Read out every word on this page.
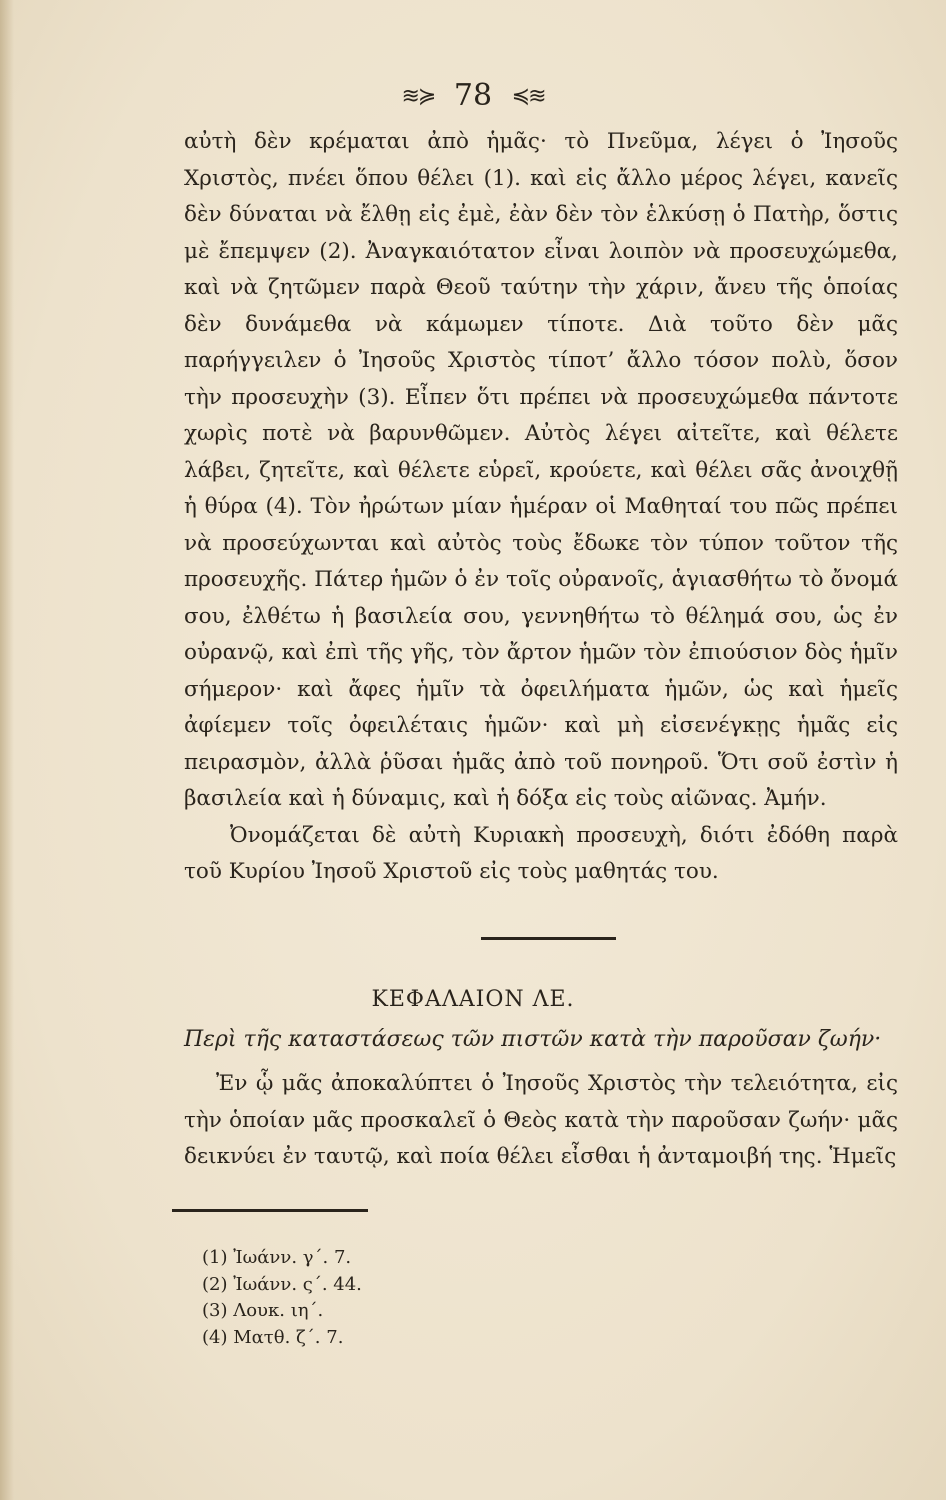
≋≽ 78 ≼≋

αὐτὴ δὲν κρέμαται ἀπὸ ἡμᾶς· τὸ Πνεῦμα, λέγει ὁ Ἰησοῦς Χριστὸς, πνέει ὅπου θέλει (1). καὶ εἰς ἄλλο μέρος λέγει, κανεῖς δὲν δύναται νὰ ἔλθῃ εἰς ἐμὲ, ἐὰν δὲν τὸν ἑλκύσῃ ὁ Πατὴρ, ὅστις μὲ ἔπεμψεν (2). Ἀναγκαιότατον εἶναι λοιπὸν νὰ προσευχώμεθα, καὶ νὰ ζητῶμεν παρὰ Θεοῦ ταύτην τὴν χάριν, ἄνευ τῆς ὁποίας δὲν δυνάμεθα νὰ κάμωμεν τίποτε. Διὰ τοῦτο δὲν μᾶς παρήγγειλεν ὁ Ἰησοῦς Χριστὸς τίποτ’ ἄλλο τόσον πολὺ, ὅσον τὴν προσευχὴν (3). Εἶπεν ὅτι πρέπει νὰ προσευχώμεθα πάντοτε χωρὶς ποτὲ νὰ βαρυνθῶμεν. Αὐτὸς λέγει αἰτεῖτε, καὶ θέλετε λάβει, ζητεῖτε, καὶ θέλετε εὑρεῖ, κρούετε, καὶ θέλει σᾶς ἀνοιχθῇ ἡ θύρα (4). Τὸν ἠρώτων μίαν ἡμέραν οἱ Μαθηταί του πῶς πρέπει νὰ προσεύχωνται καὶ αὐτὸς τοὺς ἔδωκε τὸν τύπον τοῦτον τῆς προσευχῆς. Πάτερ ἡμῶν ὁ ἐν τοῖς οὐρανοῖς, ἁγιασθήτω τὸ ὄνομά σου, ἐλθέτω ἡ βασιλεία σου, γεννηθήτω τὸ θέλημά σου, ὡς ἐν οὐρανῷ, καὶ ἐπὶ τῆς γῆς, τὸν ἄρτον ἡμῶν τὸν ἐπιούσιον δὸς ἡμῖν σήμερον· καὶ ἄφες ἡμῖν τὰ ὀφειλήματα ἡμῶν, ὡς καὶ ἡμεῖς ἀφίεμεν τοῖς ὀφειλέταις ἡμῶν· καὶ μὴ εἰσενέγκῃς ἡμᾶς εἰς πειρασμὸν, ἀλλὰ ῥῦσαι ἡμᾶς ἀπὸ τοῦ πονηροῦ. Ὅτι σοῦ ἐστὶν ἡ βασιλεία καὶ ἡ δύναμις, καὶ ἡ δόξα εἰς τοὺς αἰῶνας. Ἀμήν.

Ὀνομάζεται δὲ αὐτὴ Κυριακὴ προσευχὴ, διότι ἐδόθη παρὰ τοῦ Κυρίου Ἰησοῦ Χριστοῦ εἰς τοὺς μαθητάς του.

ΚΕΦΑΛΑΙΟΝ ΛΕ.
Περὶ τῆς καταστάσεως τῶν πιστῶν κατὰ τὴν παροῦσαν ζωήν·
Ἐν ᾧ μᾶς ἀποκαλύπτει ὁ Ἰησοῦς Χριστὸς τὴν τελειότητα, εἰς τὴν ὁποίαν μᾶς προσκαλεῖ ὁ Θεὸς κατὰ τὴν παροῦσαν ζωήν· μᾶς δεικνύει ἐν ταυτῷ, καὶ ποία θέλει εἶσθαι ἡ ἀνταμοιβή της. Ἡμεῖς
(1) Ἰωάνν. γ΄. 7.
(2) Ἰωάνν. ς΄. 44.
(3) Λουκ. ιη΄.
(4) Ματθ. ζ΄. 7.
